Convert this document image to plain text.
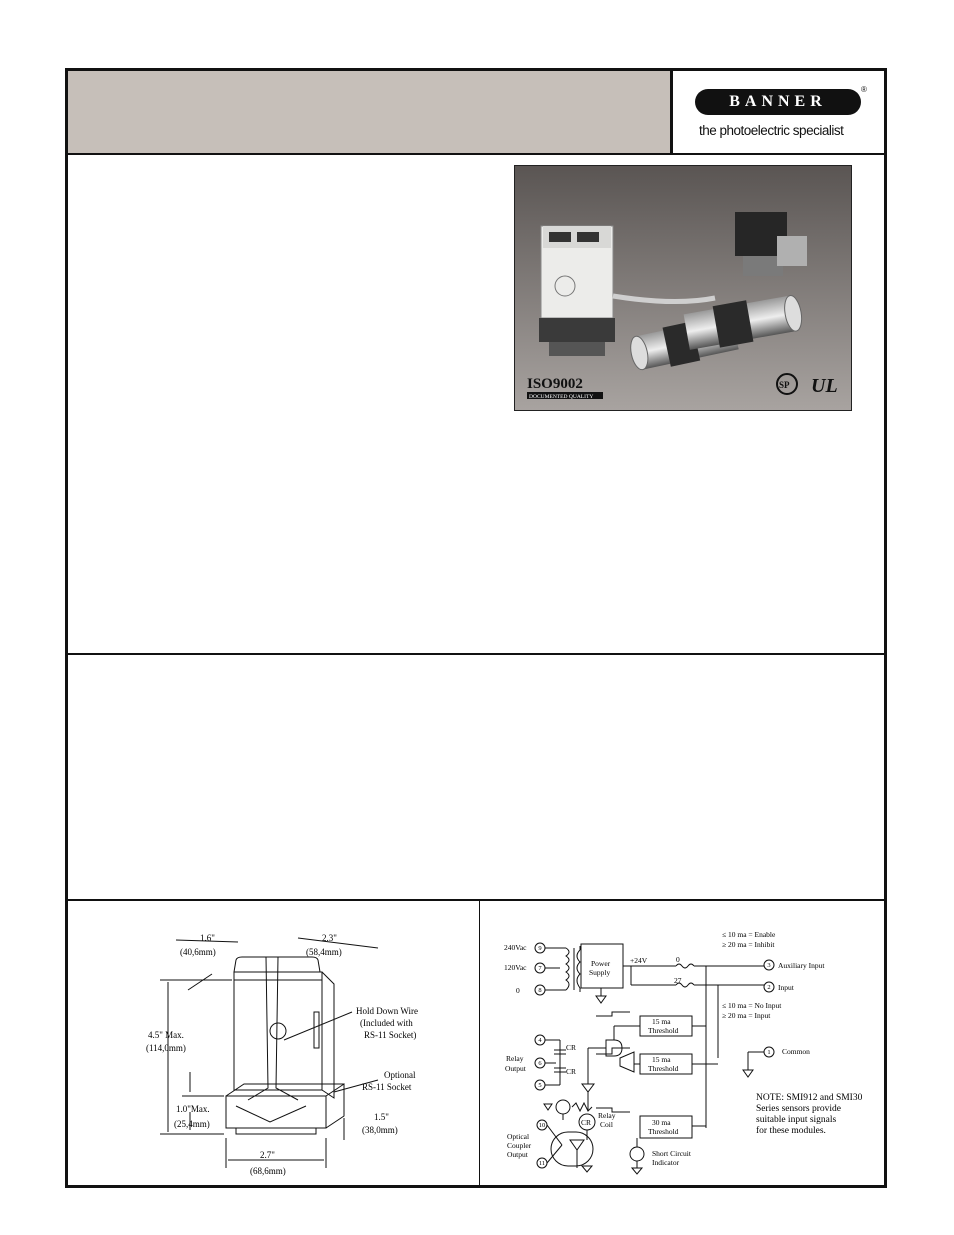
BANNER
®
the photoelectric specialist
ISO9002
DOCUMENTED QUALITY
SP UL
1.6"
(40,6mm)
2.3"
(58,4mm)
4.5" Max.
(114,0mm)
1.0"Max.
(25,4mm)
1.5"
(38,0mm)
2.7"
(68,6mm)
Hold Down Wire
(Included with
RS-11 Socket)
Optional
RS-11 Socket
≤ 10 ma = Enable
≥ 20 ma = Inhibit
240Vac
120Vac
0
Power
Supply
+24V	0
27
Auxiliary Input
Input
≤ 10 ma = No Input
≥ 20 ma = Input
15 ma
Threshold
15 ma
Threshold
30 ma
Threshold
Common
Relay
Output
CR
CR
CR
Relay
Coil
Optical
Coupler
Output	Short Circuit
Indicator
NOTE: SMI912 and SMI30
Series sensors provide
suitable input signals
for these modules.
9
7
8
4
6
5
10
11
3
2
1
